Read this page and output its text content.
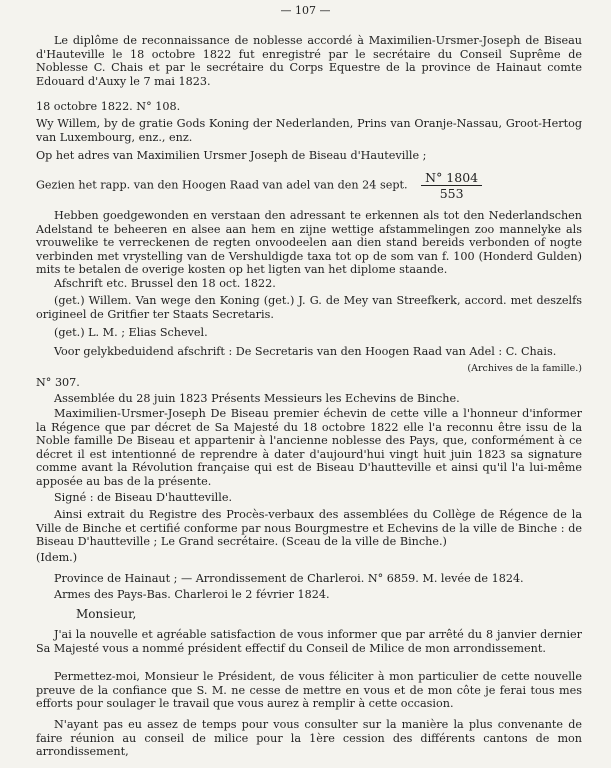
— 107 —
Le diplôme de reconnaissance de noblesse accordé à Maximilien-Ursmer-Joseph de Biseau d'Hauteville le 18 octobre 1822 fut enregistré par le secrétaire du Conseil Suprême de Noblesse C. Chais et par le secrétaire du Corps Equestre de la province de Hainaut comte Edouard d'Auxy le 7 mai 1823.
18 octobre 1822. N° 108.
Wy Willem, by de gratie Gods Koning der Nederlanden, Prins van Oranje-Nassau, Groot-Hertog van Luxembourg, enz., enz.
Op het adres van Maximilien Ursmer Joseph de Biseau d'Hauteville ;
Gezien het rapp. van den Hoogen Raad van adel van den 24 sept. $\frac{N^\circ 1804}{553}$
Hebben goedgewonden en verstaan den adressant te erkennen als tot den Nederlandschen Adelstand te beheeren en alsee aan hem en zijne wettige afstammelingen zoo mannelyke als vrouwelike te verreckenen de regten onvoodeelen aan dien stand bereids verbonden of nogte verbinden met vrystelling van de Vershuldigde taxa tot op de som van f. 100 (Honderd Gulden) mits te betalen de overige kosten op het ligten van het diplome staande.
Afschrift etc. Brussel den 18 oct. 1822.
(get.) Willem. Van wege den Koning (get.) J. G. de Mey van Streefkerk, accord. met deszelfs origineel de Gritfier ter Staats Secretaris.
(get.) L. M. ; Elias Schevel.
Voor gelykbeduidend afschrift : De Secretaris van den Hoogen Raad van Adel : C. Chais.
(Archives de la famille.)
N° 307.
Assemblée du 28 juin 1823 Présents Messieurs les Echevins de Binche.
Maximilien-Ursmer-Joseph De Biseau premier échevin de cette ville a l'honneur d'informer la Régence que par décret de Sa Majesté du 18 octobre 1822 elle l'a reconnu être issu de la Noble famille De Biseau et appartenir à l'ancienne noblesse des Pays, que, conformément à ce décret il est intentionné de reprendre à dater d'aujourd'hui vingt huit juin 1823 sa signature comme avant la Révolution française qui est de Biseau D'hautteville et ainsi qu'il l'a lui-même apposée au bas de la présente.
Signé : de Biseau D'hautteville.
Ainsi extrait du Registre des Procès-verbaux des assemblées du Collège de Régence de la Ville de Binche et certifié conforme par nous Bourgmestre et Echevins de la ville de Binche : de Biseau D'hautteville ; Le Grand secrétaire. (Sceau de la ville de Binche.)
(Idem.)
Province de Hainaut ; — Arrondissement de Charleroi. N° 6859. M. levée de 1824.
Armes des Pays-Bas. Charleroi le 2 février 1824.
Monsieur,
J'ai la nouvelle et agréable satisfaction de vous informer que par arrêté du 8 janvier dernier Sa Majesté vous a nommé président effectif du Conseil de Milice de mon arrondissement.
Permettez-moi, Monsieur le Président, de vous féliciter à mon particulier de cette nouvelle preuve de la confiance que S. M. ne cesse de mettre en vous et de mon côte je ferai tous mes efforts pour soulager le travail que vous aurez à remplir à cette occasion.
N'ayant pas eu assez de temps pour vous consulter sur la manière la plus convenante de faire réunion au conseil de milice pour la 1ère cession des différents cantons de mon arrondissement,
